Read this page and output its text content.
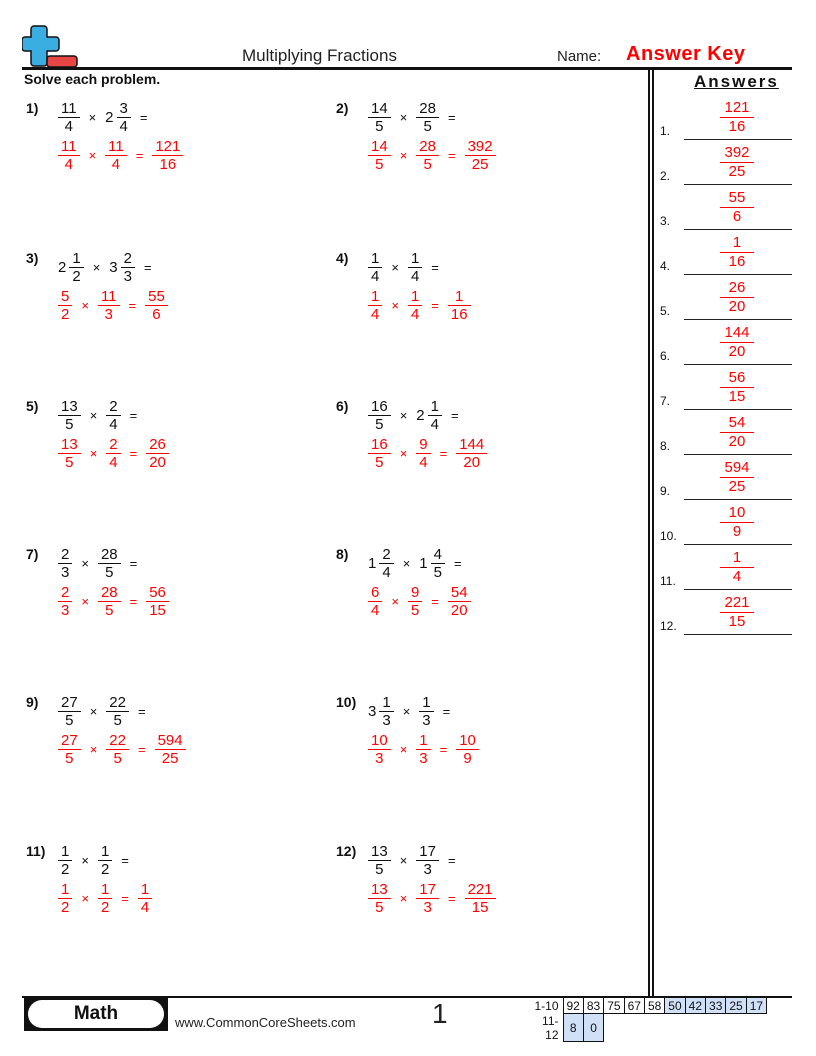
Multiplying Fractions	Name: Answer Key
Solve each problem.	Answers
$1) \frac{11}{4} \times 2 \frac{3}{4}$ =
$\frac{11}{4} \times \frac{11}{4} = \frac{121}{16}$
$2) \frac{14}{5} \times \frac{28}{5}$ =
$\frac{14}{5} \times \frac{28}{5} = \frac{392}{25}$
3)
$2 \frac{1}{2} \times 3 \frac{2}{3}$ =
$\frac{5}{2} \times \frac{11}{3} = \frac{55}{6}$
$4) \frac{1}{4} \times \frac{1}{4}$ =
$\frac{1}{4} \times \frac{1}{4} = \frac{1}{16}$
$5) \frac{13}{5} \times \frac{2}{4}$ =
$\frac{13}{5} \times \frac{2}{4} = \frac{26}{20}$
$6) \frac{16}{5} \times 2 \frac{1}{4}$ =
$\frac{16}{5} \times \frac{9}{4} = \frac{144}{20}$
$7) \frac{2}{3} \times \frac{28}{5}$ =
$\frac{2}{3} \times \frac{28}{5} = \frac{56}{15}$
8)
$1 \frac{2}{4} \times 1 \frac{4}{5}$ =
$\frac{6}{4} \times \frac{9}{5} = \frac{54}{20}$
$9) \frac{27}{5} \times \frac{22}{5}$ =
$\frac{27}{5} \times \frac{22}{5} = \frac{594}{25}$
10)
$3 \frac{1}{3} \times \frac{1}{3}$ =
$\frac{10}{3} \times \frac{1}{3} = \frac{10}{9}$
$11) \frac{1}{2} \times \frac{1}{2}$ =
$\frac{1}{2} \times \frac{1}{2} = \frac{1}{4}$
$12) \frac{13}{5} \times \frac{17}{3}$ =
$\frac{13}{5} \times \frac{17}{3} = \frac{221}{15}$
1.	$\frac{121}{16}$
2.	$\frac{392}{25}$
3.	$\frac{55}{6}$
4.	$\frac{1}{16}$
5.	$\frac{26}{20}$
6.	$\frac{144}{20}$
7.	$\frac{56}{15}$
8.	$\frac{54}{20}$
9.	$\frac{594}{25}$
10.	$\frac{10}{9}$
11.	$\frac{1}{4}$
12.	$\frac{221}{15}$
Math	www.CommonCoreSheets.com	1	1-10	92	83	75	67	58	50	42	33	25	17
11-12	8	0								
